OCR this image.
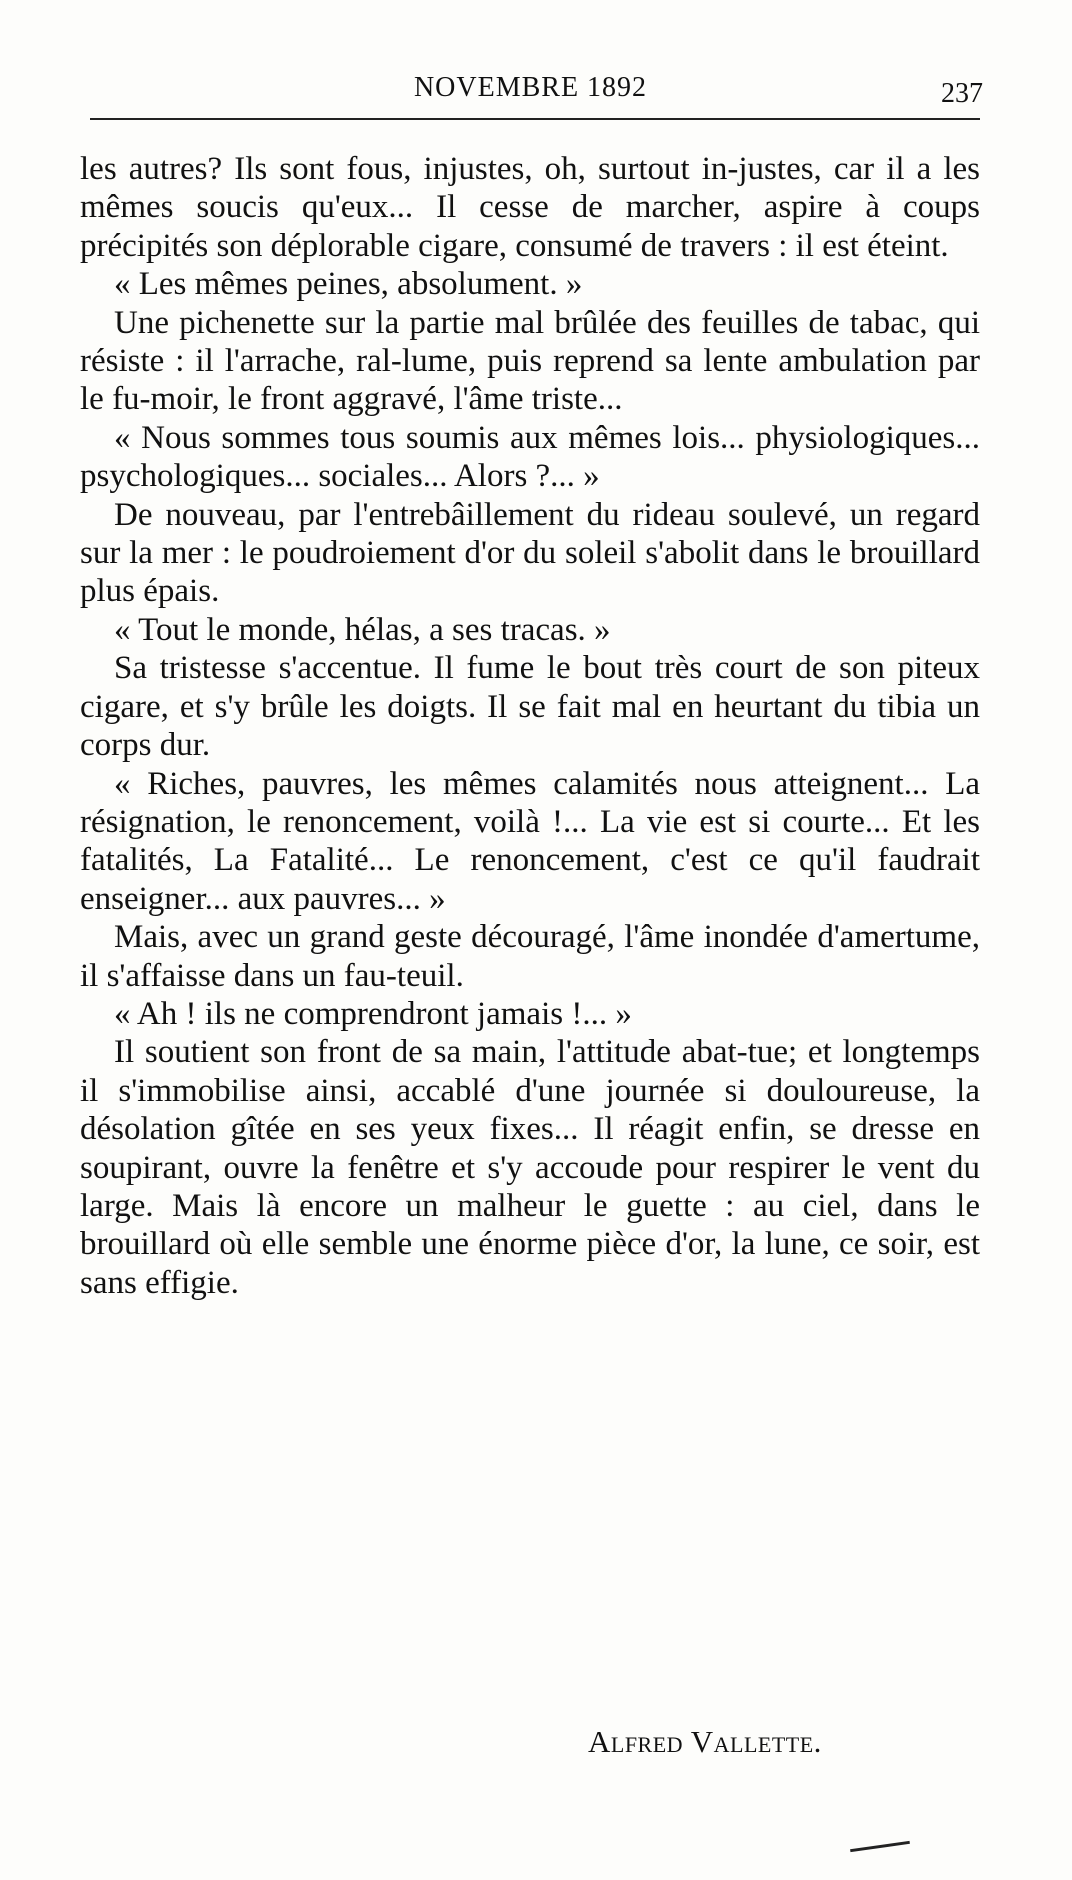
NOVEMBRE 1892	237

les autres? Ils sont fous, injustes, oh, surtout in-justes, car il a les mêmes soucis qu'eux... Il cesse de marcher, aspire à coups précipités son déplorable cigare, consumé de travers : il est éteint.

« Les mêmes peines, absolument. »

Une pichenette sur la partie mal brûlée des feuilles de tabac, qui résiste : il l'arrache, ral-lume, puis reprend sa lente ambulation par le fu-moir, le front aggravé, l'âme triste...

« Nous sommes tous soumis aux mêmes lois... physiologiques... psychologiques... sociales... Alors ?... »

De nouveau, par l'entrebâillement du rideau soulevé, un regard sur la mer : le poudroiement d'or du soleil s'abolit dans le brouillard plus épais.

« Tout le monde, hélas, a ses tracas. »

Sa tristesse s'accentue. Il fume le bout très court de son piteux cigare, et s'y brûle les doigts. Il se fait mal en heurtant du tibia un corps dur.

« Riches, pauvres, les mêmes calamités nous atteignent... La résignation, le renoncement, voilà !... La vie est si courte... Et les fatalités, La Fatalité... Le renoncement, c'est ce qu'il faudrait enseigner... aux pauvres... »

Mais, avec un grand geste découragé, l'âme inondée d'amertume, il s'affaisse dans un fau-teuil.

« Ah ! ils ne comprendront jamais !... »

Il soutient son front de sa main, l'attitude abat-tue; et longtemps il s'immobilise ainsi, accablé d'une journée si douloureuse, la désolation gîtée en ses yeux fixes... Il réagit enfin, se dresse en soupirant, ouvre la fenêtre et s'y accoude pour respirer le vent du large. Mais là encore un malheur le guette : au ciel, dans le brouillard où elle semble une énorme pièce d'or, la lune, ce soir, est sans effigie.

Alfred Vallette.
